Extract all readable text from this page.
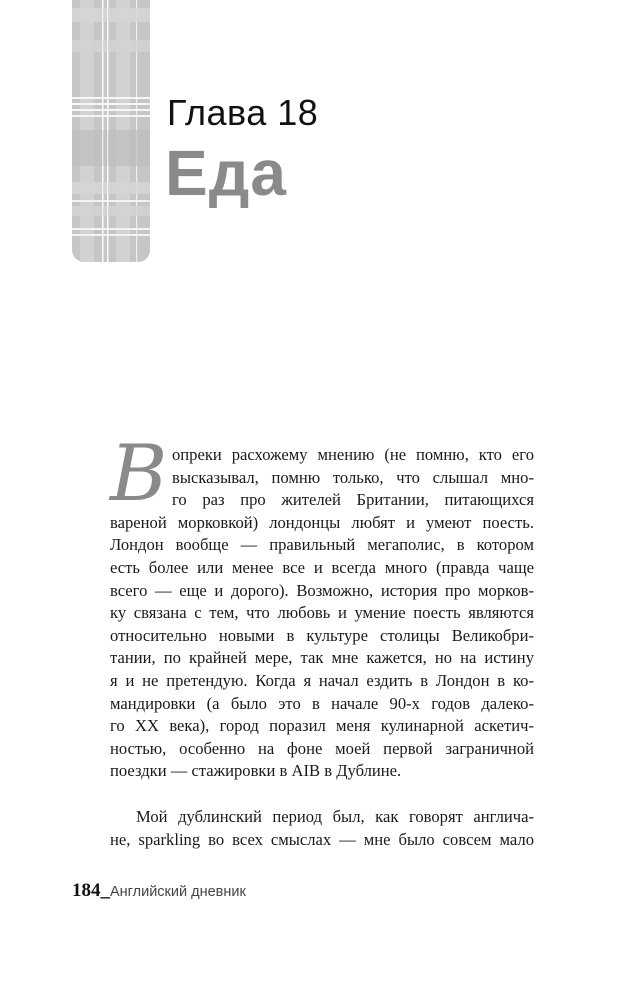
Глава 18
Еда
В опреки расхожему мнению (не помню, кто его
высказывал, помню только, что слышал мно-
го раз про жителей Британии, питающихся
вареной морковкой) лондонцы любят и умеют поесть.
Лондон вообще — правильный мегаполис, в котором
есть более или менее все и всегда много (правда чаще
всего — еще и дорого). Возможно, история про морков-
ку связана с тем, что любовь и умение поесть являются
относительно новыми в культуре столицы Великобри-
тании, по крайней мере, так мне кажется, но на истину
я и не претендую. Когда я начал ездить в Лондон в ко-
мандировки (а было это в начале 90-х годов далеко-
го XX века), город поразил меня кулинарной аскетич-
ностью, особенно на фоне моей первой заграничной
поездки — стажировки в AIB в Дублине.
Мой дублинский период был, как говорят англича-
не, sparkling во всех смыслах — мне было совсем мало
184_Английский дневник
